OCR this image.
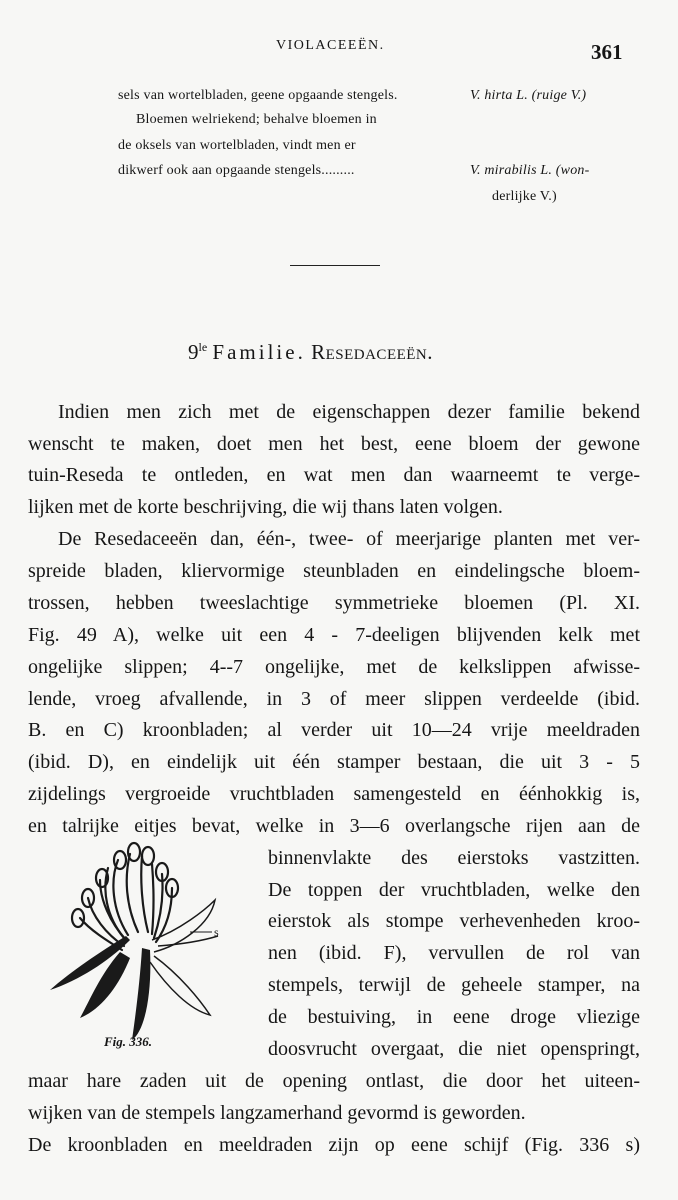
VIOLACEEËN.	361
sels van wortelbladen, geene opgaande stengels.	V. hirta L. (ruige V.)
Bloemen welriekend; behalve bloemen in
de oksels van wortelbladen, vindt men er
dikwerf ook aan opgaande stengels.........	V. mirabilis L. (won-
derlijke V.)
$9^{le}$ Familie. Resedaceeën.
Indien men zich met de eigenschappen dezer familie bekend
wenscht te maken, doet men het best, eene bloem der gewone
tuin-Reseda te ontleden, en wat men dan waarneemt te verge-
lijken met de korte beschrijving, die wij thans laten volgen.
De Resedaceeën dan, één-, twee- of meerjarige planten met ver-
spreide bladen, kliervormige steunbladen en eindelingsche bloem-
trossen, hebben tweeslachtige symmetrieke bloemen (Pl. XI.
Fig. 49 A), welke uit een 4 - 7-deeligen blijvenden kelk met
ongelijke slippen; 4--7 ongelijke, met de kelkslippen afwisse-
lende, vroeg afvallende, in 3 of meer slippen verdeelde (ibid.
B. en C) kroonbladen; al verder uit 10—24 vrije meeldraden
(ibid. D), en eindelijk uit één stamper bestaan, die uit 3 - 5
zijdelings vergroeide vruchtbladen samengesteld en éénhokkig is,
en talrijke eitjes bevat, welke in 3—6 overlangsche rijen aan de
binnenvlakte des eierstoks vastzitten.
De toppen der vruchtbladen, welke den
eierstok als stompe verhevenheden kroo-
nen (ibid. F), vervullen de rol van
stempels, terwijl de geheele stamper, na
de bestuiving, in eene droge vliezige
doosvrucht overgaat, die niet openspringt,
maar hare zaden uit de opening ontlast, die door het uiteen-
wijken van de stempels langzamerhand gevormd is geworden.
De kroonbladen en meeldraden zijn op eene schijf (Fig. 336 s)
s
Fig. 336.
